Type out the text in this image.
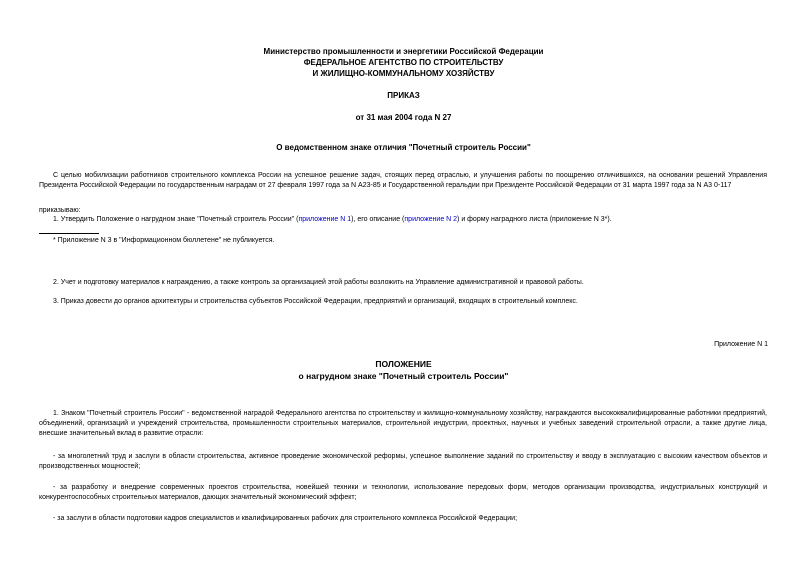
Министерство промышленности и энергетики Российской Федерации
ФЕДЕРАЛЬНОЕ АГЕНТСТВО ПО СТРОИТЕЛЬСТВУ
И ЖИЛИЩНО-КОММУНАЛЬНОМУ ХОЗЯЙСТВУ
ПРИКАЗ
от 31 мая 2004 года N 27
О ведомственном знаке отличия "Почетный строитель России"
С целью мобилизации работников строительного комплекса России на успешное решение задач, стоящих перед отраслью, и улучшения работы по поощрению отличившихся, на основании решений Управления Президента Российской Федерации по государственным наградам от 27 февраля 1997 года за N А23-85 и Государственной геральдии при Президенте Российской Федерации от 31 марта 1997 года за N А3 0-117
приказываю:
1. Утвердить Положение о нагрудном знаке "Почетный строитель России" (приложение N 1), его описание (приложение N 2) и форму наградного листа (приложение N 3*).
* Приложение N 3 в "Информационном бюллетене" не публикуется.
2. Учет и подготовку материалов к награждению, а также контроль за организацией этой работы возложить на Управление административной и правовой работы.
3. Приказ довести до органов архитектуры и строительства субъектов Российской Федерации, предприятий и организаций, входящих в строительный комплекс.
Приложение N 1
ПОЛОЖЕНИЕ
о нагрудном знаке "Почетный строитель России"
1. Знаком "Почетный строитель России" - ведомственной наградой Федерального агентства по строительству и жилищно-коммунальному хозяйству, награждаются высококвалифицированные работники предприятий, объединений, организаций и учреждений строительства, промышленности строительных материалов, строительной индустрии, проектных, научных и учебных заведений строительной отрасли, а также другие лица, внесшие значительный вклад в развитие отрасли:
- за многолетний труд и заслуги в области строительства, активное проведение экономической реформы, успешное выполнение заданий по строительству и вводу в эксплуатацию с высоким качеством объектов и производственных мощностей;
- за разработку и внедрение современных проектов строительства, новейшей техники и технологии, использование передовых форм, методов организации производства, индустриальных конструкций и конкурентоспособных строительных материалов, дающих значительный экономический эффект;
- за заслуги в области подготовки кадров специалистов и квалифицированных рабочих для строительного комплекса Российской Федерации;
